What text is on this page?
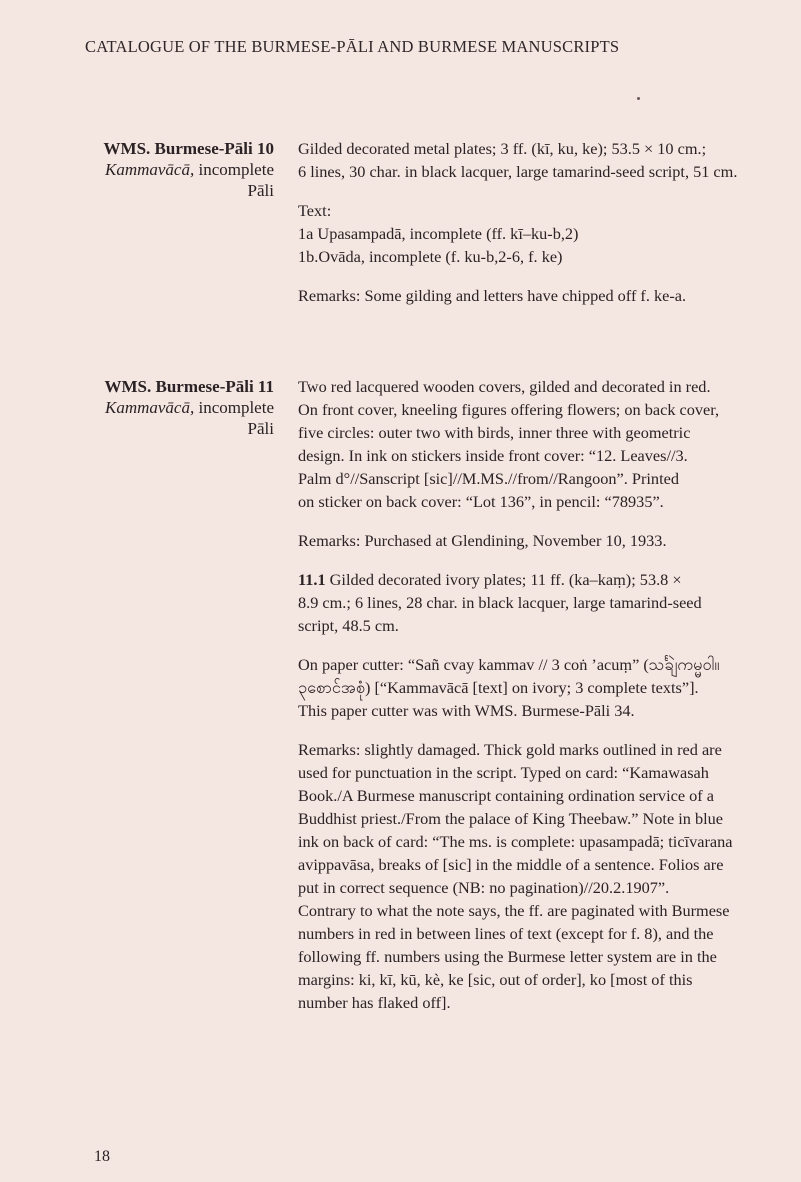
CATALOGUE OF THE BURMESE-PĀLI AND BURMESE MANUSCRIPTS
WMS. Burmese-Pāli 10
Kammavācā, incomplete
Pāli

Gilded decorated metal plates; 3 ff. (kī, ku, ke); 53.5 × 10 cm.;
6 lines, 30 char. in black lacquer, large tamarind-seed script, 51 cm.

Text:

1a Upasampadā, incomplete (ff. kī–ku-b,2)

1b.Ovāda, incomplete (f. ku-b,2-6, f. ke)

Remarks: Some gilding and letters have chipped off f. ke-a.

WMS. Burmese-Pāli 11
Kammavācā, incomplete
Pāli

Two red lacquered wooden covers, gilded and decorated in red.
On front cover, kneeling figures offering flowers; on back cover,
five circles: outer two with birds, inner three with geometric
design. In ink on stickers inside front cover: “12. Leaves//3.
Palm d°//Sanscript [sic]//M.MS.//from//Rangoon”. Printed
on sticker on back cover: “Lot 136”, in pencil: “78935”.

Remarks: Purchased at Glendining, November 10, 1933.

11.1 Gilded decorated ivory plates; 11 ff. (ka–kaṃ); 53.8 ×
8.9 cm.; 6 lines, 28 char. in black lacquer, large tamarind-seed
script, 48.5 cm.

On paper cutter: “Sañ cvay kammav // 3 coṅ ’acuṃ” (သင်္ချဲကမ္မဝါ။
၃စောင်အစုံ) [“Kammavācā [text] on ivory; 3 complete texts”].
This paper cutter was with WMS. Burmese-Pāli 34.

Remarks: slightly damaged. Thick gold marks outlined in red are
used for punctuation in the script. Typed on card: “Kamawasah
Book./A Burmese manuscript containing ordination service of a
Buddhist priest./From the palace of King Theebaw.” Note in blue
ink on back of card: “The ms. is complete: upasampadā; ticīvarana
avippavāsa, breaks of [sic] in the middle of a sentence. Folios are
put in correct sequence (NB: no pagination)//20.2.1907”.
Contrary to what the note says, the ff. are paginated with Burmese
numbers in red in between lines of text (except for f. 8), and the
following ff. numbers using the Burmese letter system are in the
margins: ki, kī, kū, kè, ke [sic, out of order], ko [most of this
number has flaked off].

18
